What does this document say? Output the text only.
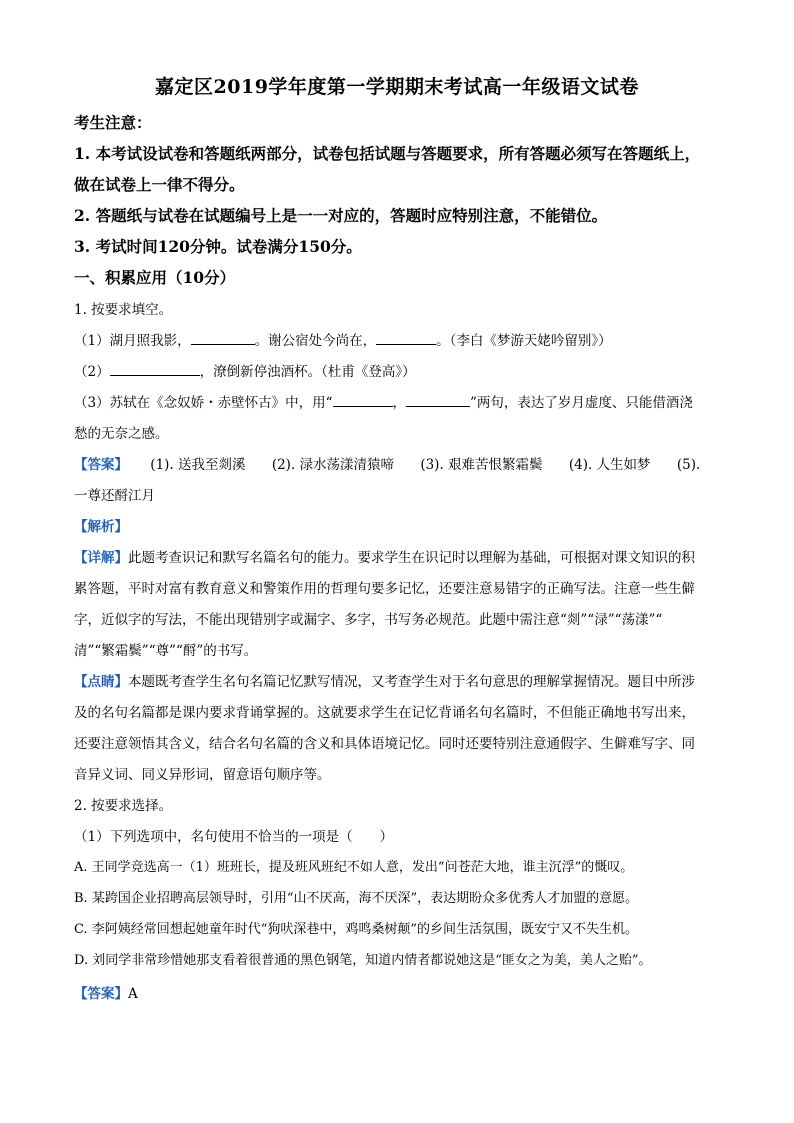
嘉定区2019学年度第一学期期末考试高一年级语文试卷
考生注意：
1. 本考试设试卷和答题纸两部分，试卷包括试题与答题要求，所有答题必须写在答题纸上，
做在试卷上一律不得分。
2. 答题纸与试卷在试题编号上是一一对应的，答题时应特别注意，不能错位。
3. 考试时间120分钟。试卷满分150分。
一、积累应用（10分）
1. 按要求填空。
（1）湖月照我影，	。谢公宿处今尚在，	。（李白《梦游天姥吟留别》）
（2）	，潦倒新停浊酒杯。（杜甫《登高》）
（3）苏轼在《念奴娇・赤壁怀古》中，用“	，	”两句，表达了岁月虚度、只能借酒浇
愁的无奈之感。
【答案】 (1). 送我至剡溪 (2). 渌水荡漾清猿啼 (3). 艰难苦恨繁霜鬓 (4). 人生如梦 (5).
一尊还酹江月
【解析】
【详解】此题考查识记和默写名篇名句的能力。要求学生在识记时以理解为基础，可根据对课文知识的积
累答题，平时对富有教育意义和警策作用的哲理句要多记忆，还要注意易错字的正确写法。注意一些生僻
字，近似字的写法，不能出现错别字或漏字、多字，书写务必规范。此题中需注意“剡”“渌”“荡漾”“
清”“繁霜鬓”“尊”“酹”的书写。
【点睛】本题既考查学生名句名篇记忆默写情况，又考查学生对于名句意思的理解掌握情况。题目中所涉
及的名句名篇都是课内要求背诵掌握的。这就要求学生在记忆背诵名句名篇时，不但能正确地书写出来，
还要注意领悟其含义，结合名句名篇的含义和具体语境记忆。同时还要特别注意通假字、生僻难写字、同
音异义词、同义异形词，留意语句顺序等。
2. 按要求选择。
（1）下列选项中，名句使用不恰当的一项是（　　）
A. 王同学竞选高一（1）班班长，提及班风班纪不如人意，发出“问苍茫大地，谁主沉浮”的慨叹。
B. 某跨国企业招聘高层领导时，引用“山不厌高，海不厌深”，表达期盼众多优秀人才加盟的意愿。
C. 李阿姨经常回想起她童年时代“狗吠深巷中，鸡鸣桑树颠”的乡间生活氛围，既安宁又不失生机。
D. 刘同学非常珍惜她那支看着很普通的黑色钢笔，知道内情者都说她这是“匪女之为美，美人之贻”。
【答案】A
